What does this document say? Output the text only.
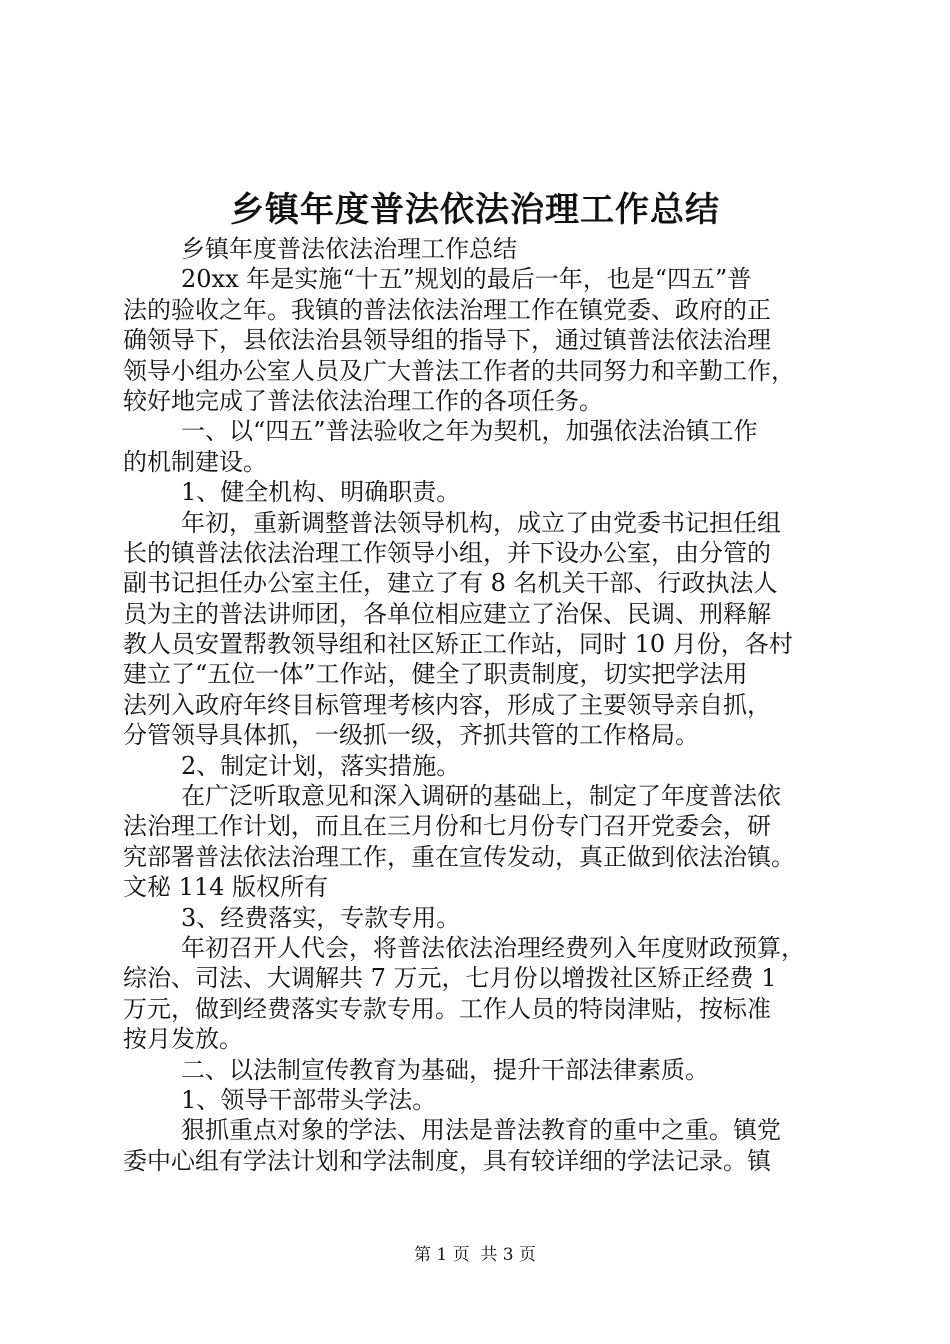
乡镇年度普法依法治理工作总结
乡镇年度普法依法治理工作总结
20xx 年是实施“十五”规划的最后一年，也是“四五”普
法的验收之年。我镇的普法依法治理工作在镇党委、政府的正
确领导下，县依法治县领导组的指导下，通过镇普法依法治理
领导小组办公室人员及广大普法工作者的共同努力和辛勤工作，
较好地完成了普法依法治理工作的各项任务。
一、以“四五”普法验收之年为契机，加强依法治镇工作
的机制建设。
1、健全机构、明确职责。
年初，重新调整普法领导机构，成立了由党委书记担任组
长的镇普法依法治理工作领导小组，并下设办公室，由分管的
副书记担任办公室主任，建立了有 8 名机关干部、行政执法人
员为主的普法讲师团，各单位相应建立了治保、民调、刑释解
教人员安置帮教领导组和社区矫正工作站，同时 10 月份，各村
建立了“五位一体”工作站，健全了职责制度，切实把学法用
法列入政府年终目标管理考核内容，形成了主要领导亲自抓，
分管领导具体抓，一级抓一级，齐抓共管的工作格局。
2、制定计划，落实措施。
在广泛听取意见和深入调研的基础上，制定了年度普法依
法治理工作计划，而且在三月份和七月份专门召开党委会，研
究部署普法依法治理工作，重在宣传发动，真正做到依法治镇。
文秘 114 版权所有
3、经费落实，专款专用。
年初召开人代会，将普法依法治理经费列入年度财政预算，
综治、司法、大调解共 7 万元，七月份以增拨社区矫正经费 1
万元，做到经费落实专款专用。工作人员的特岗津贴，按标准
按月发放。
二、以法制宣传教育为基础，提升干部法律素质。
1、领导干部带头学法。
狠抓重点对象的学法、用法是普法教育的重中之重。镇党
委中心组有学法计划和学法制度，具有较详细的学法记录。镇
第 1 页  共 3 页
